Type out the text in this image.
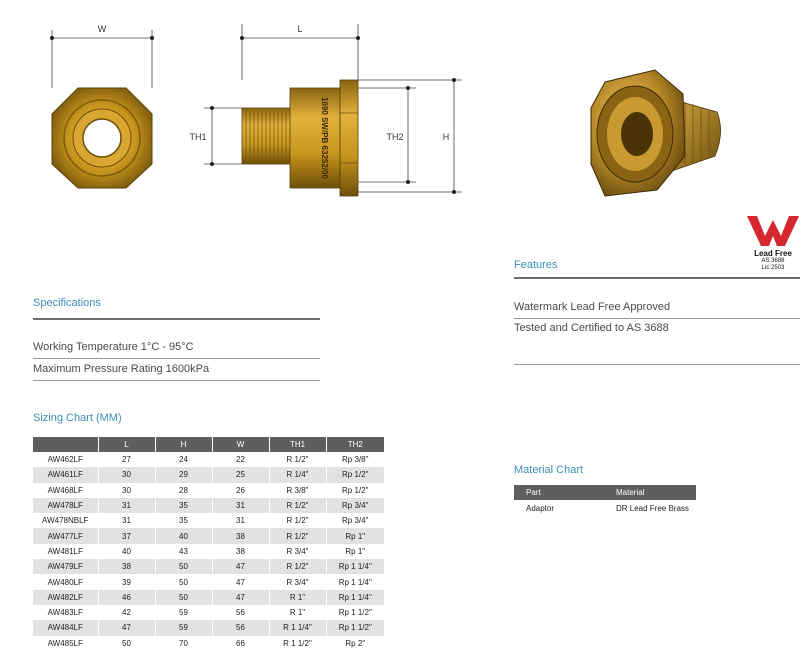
W	L
1690 SW/PB 63252/00
TH1	TH2	H
Lead Free
AS 3688
Lic 2503
Features
Watermark Lead Free Approved
Tested and Certified to AS 3688
Specifications
Working Temperature 1°C - 95°C
Maximum Pressure Rating 1600kPa
Sizing Chart (MM)
	L	H	W	TH1	TH2
AW462LF	27	24	22	R 1/2"	Rp 3/8"
AW461LF	30	29	25	R 1/4"	Rp 1/2"
AW468LF	30	28	26	R 3/8"	Rp 1/2"
AW478LF	31	35	31	R 1/2"	Rp 3/4"
AW478NBLF	31	35	31	R 1/2"	Rp 3/4"
AW477LF	37	40	38	R 1/2"	Rp 1"
AW481LF	40	43	38	R 3/4"	Rp 1"
AW479LF	38	50	47	R 1/2"	Rp 1 1/4"
AW480LF	39	50	47	R 3/4"	Rp 1 1/4"
AW482LF	46	50	47	R 1"	Rp 1 1/4"
AW483LF	42	59	56	R 1"	Rp 1 1/2"
AW484LF	47	59	56	R 1 1/4"	Rp 1 1/2"
AW485LF	50	70	66	R 1 1/2"	Rp 2"
Material Chart
Part	Material
Adaptor	DR Lead Free Brass
